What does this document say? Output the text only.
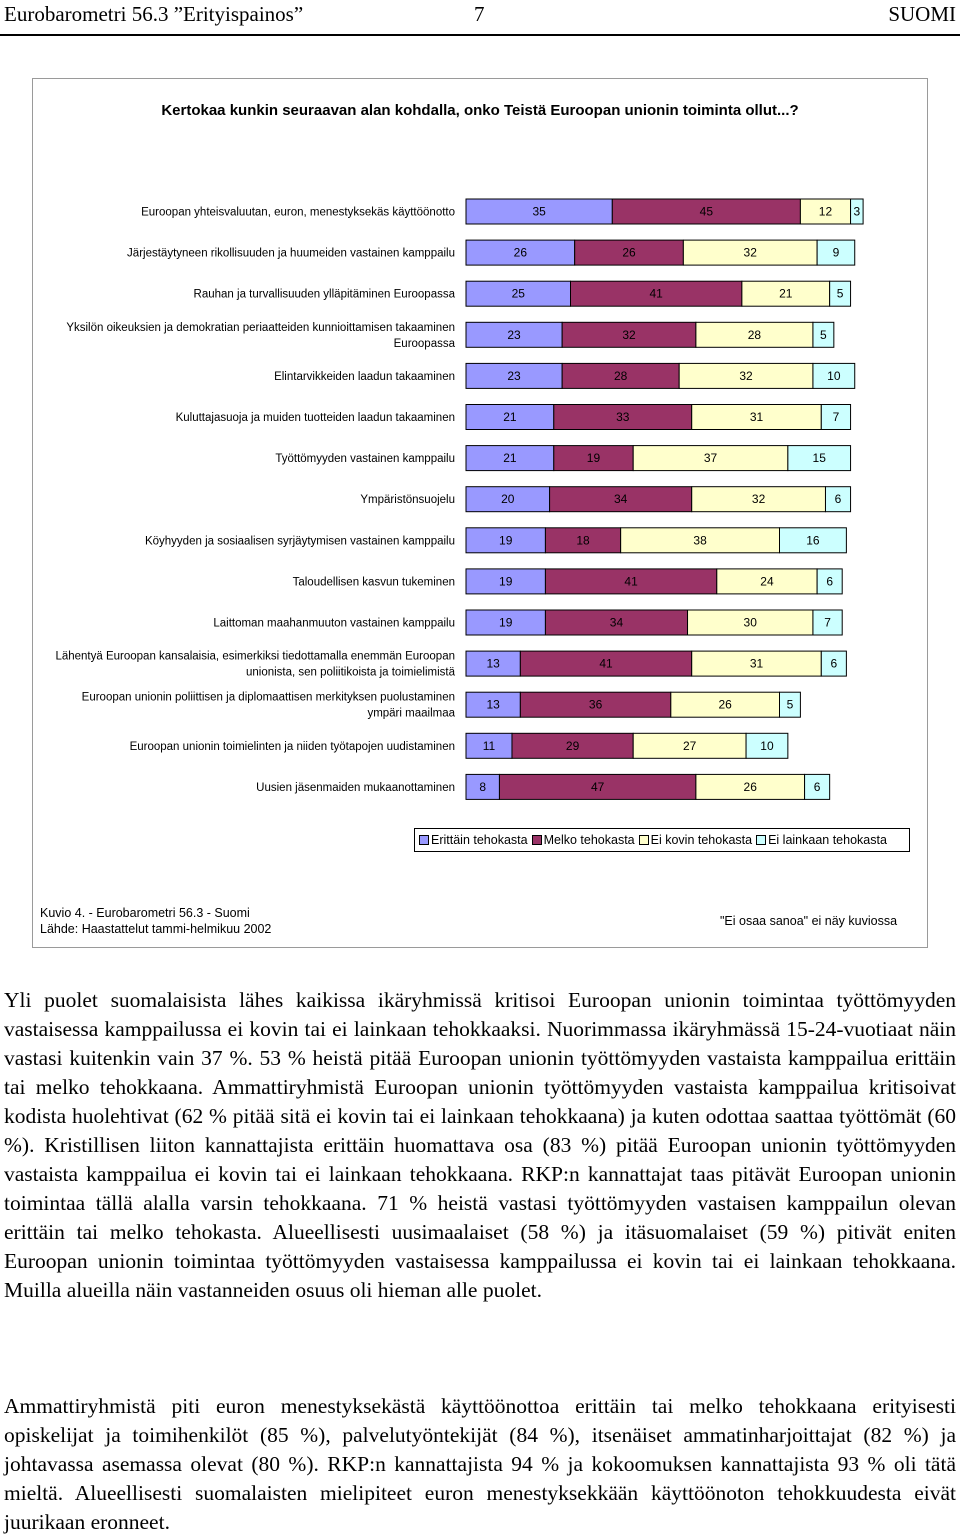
Eurobarometri 56.3 ”Erityispainos”	7	SUOMI
Kertokaa kunkin seuraavan alan kohdalla, onko Teistä Euroopan unionin toiminta ollut...?
Euroopan yhteisvaluutan, euron, menestyksekäs käyttöönotto	35	45	12 3
Järjestäytyneen rikollisuuden ja huumeiden vastainen kamppailu	26	26	32	9
Rauhan ja turvallisuuden ylläpitäminen Euroopassa	25	41	21	5
Yksilön oikeuksien ja demokratian periaatteiden kunnioittamisen takaaminen Euroopassa
23	32	28	5
Elintarvikkeiden laadun takaaminen	23	28	32	10
Kuluttajasuoja ja muiden tuotteiden laadun takaaminen	21	33	31	7
Työttömyyden vastainen kamppailu	21	19	37	15
Ympäristönsuojelu	20	34	32	6
Köyhyyden ja sosiaalisen syrjäytymisen vastainen kamppailu	19	18	38	16
Taloudellisen kasvun tukeminen	19	41	24	6
Laittoman maahanmuuton vastainen kamppailu	19	34	30	7
Lähentyä Euroopan kansalaisia, esimerkiksi tiedottamalla enemmän Euroopan unionista, sen poliitikoista ja toimielimistä
13	41	31	6
Euroopan unionin poliittisen ja diplomaattisen merkityksen puolustaminen ympäri maailmaa
13	36	26	5
Euroopan unionin toimielinten ja niiden työtapojen uudistaminen 11	29	27	10
Uusien jäsenmaiden mukaanottaminen 8	47	26	6
Erittäin tehokasta Melko tehokasta Ei kovin tehokasta Ei lainkaan tehokasta
Kuvio 4. - Eurobarometri 56.3 - Suomi
Lähde: Haastattelut tammi-helmikuu 2002
"Ei osaa sanoa" ei näy kuviossa
Yli puolet suomalaisista lähes kaikissa ikäryhmissä kritisoi Euroopan unionin toimintaa työttömyyden vastaisessa kamppailussa ei kovin tai ei lainkaan tehokkaaksi. Nuorimmassa ikäryhmässä 15-24-vuotiaat näin vastasi kuitenkin vain 37 %. 53 % heistä pitää Euroopan unionin työttömyyden vastaista kamppailua erittäin tai melko tehokkaana. Ammattiryhmistä Euroopan unionin työttömyyden vastaista kamppailua kritisoivat kodista huolehtivat (62 % pitää sitä ei kovin tai ei lainkaan tehokkaana) ja kuten odottaa saattaa työttömät (60 %). Kristillisen liiton kannattajista erittäin huomattava osa (83 %) pitää Euroopan unionin työttömyyden vastaista kamppailua ei kovin tai ei lainkaan tehokkaana. RKP:n kannattajat taas pitävät Euroopan unionin toimintaa tällä alalla varsin tehokkaana. 71 % heistä vastasi työttömyyden vastaisen kamppailun olevan erittäin tai melko tehokasta. Alueellisesti uusimaalaiset (58 %) ja itäsuomalaiset (59 %) pitivät eniten Euroopan unionin toimintaa työttömyyden vastaisessa kamppailussa ei kovin tai ei lainkaan tehokkaana. Muilla alueilla näin vastanneiden osuus oli hieman alle puolet.
Ammattiryhmistä piti euron menestyksekästä käyttöönottoa erittäin tai melko tehokkaana erityisesti opiskelijat ja toimihenkilöt (85 %), palvelutyöntekijät (84 %), itsenäiset ammatinharjoittajat (82 %) ja johtavassa asemassa olevat (80 %). RKP:n kannattajista 94 % ja kokoomuksen kannattajista 93 % oli tätä mieltä. Alueellisesti suomalaisten mielipiteet euron menestyksekkään käyttöönoton tehokkuudesta eivät juurikaan eronneet.
